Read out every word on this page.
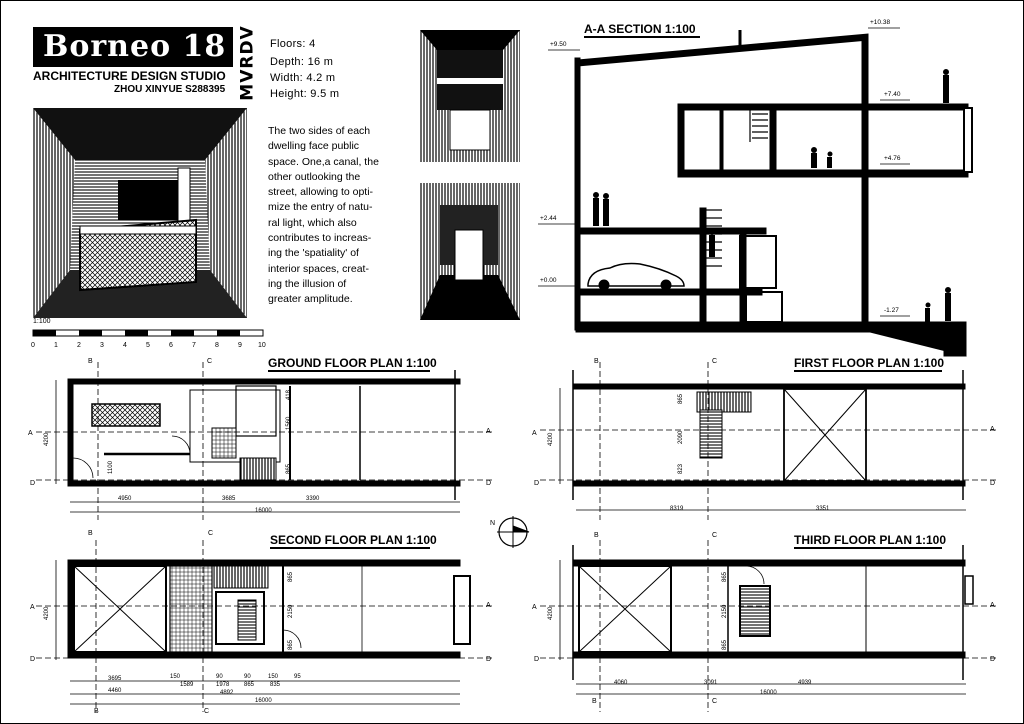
Borneo 18
ARCHITECTURE DESIGN STUDIO
ZHOU XINYUE S288395 MVRDV Floors: 4
Depth: 16 m
Width: 4.2 m
Height: 9.5 m
The two sides of each
dwelling face public
space. One,a canal, the
other outlooking the
street, allowing to opti-
mize the entry of natu-
ral light, which also
contributes to increas-
ing the 'spatiality' of
interior spaces, creat-
ing the illusion of
greater amplitude.
1:100
0	1	2	3	4	5	6	7	8	9 10
A-A SECTION 1:100	+10.38
+9.50
+7.40
+4.76
+2.44
+0.00
-1.27
GROUND FLOOR PLAN 1:100
4950	3685	3390
16000
4200
1100
418
1560
865
FIRST FLOOR PLAN 1:100
8319	3351
4200
865
2090
823
N
SECOND FLOOR PLAN 1:100
3695	150
1589
90
1978
90
865
150
835
95
4460	4892
16000
4200
865
2150
865
THIRD FLOOR PLAN 1:100
4060	3091	4939
16000
4200
865
2150
865
B	C
A	A
D	D
B	C
A
A
D	D
B	C
A	A
D	D
B	C
A	A
D	D
B	C
B	C
